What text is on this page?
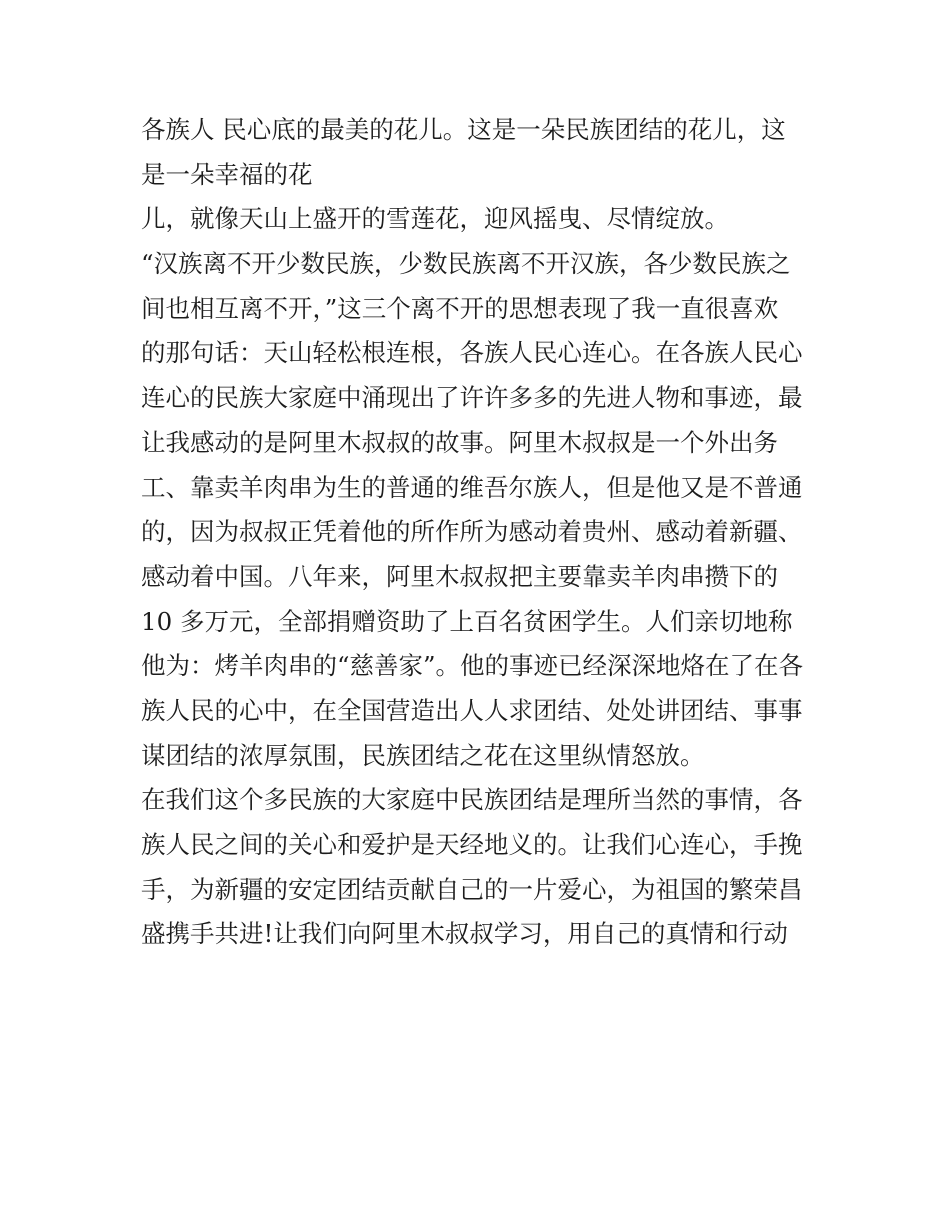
各族人 民心底的最美的花儿。这是一朵民族团结的花儿，这
是一朵幸福的花
儿，就像天山上盛开的雪莲花，迎风摇曳、尽情绽放。
“汉族离不开少数民族，少数民族离不开汉族，各少数民族之
间也相互离不开，”这三个离不开的思想表现了我一直很喜欢
的那句话：天山轻松根连根，各族人民心连心。在各族人民心
连心的民族大家庭中涌现出了许许多多的先进人物和事迹，最
让我感动的是阿里木叔叔的故事。阿里木叔叔是一个外出务
工、靠卖羊肉串为生的普通的维吾尔族人，但是他又是不普通
的，因为叔叔正凭着他的所作所为感动着贵州、感动着新疆、
感动着中国。八年来，阿里木叔叔把主要靠卖羊肉串攒下的
10 多万元，全部捐赠资助了上百名贫困学生。人们亲切地称
他为：烤羊肉串的“慈善家”。他的事迹已经深深地烙在了在各
族人民的心中，在全国营造出人人求团结、处处讲团结、事事
谋团结的浓厚氛围，民族团结之花在这里纵情怒放。
在我们这个多民族的大家庭中民族团结是理所当然的事情，各
族人民之间的关心和爱护是天经地义的。让我们心连心，手挽
手，为新疆的安定团结贡献自己的一片爱心，为祖国的繁荣昌
盛携手共进!让我们向阿里木叔叔学习，用自己的真情和行动
